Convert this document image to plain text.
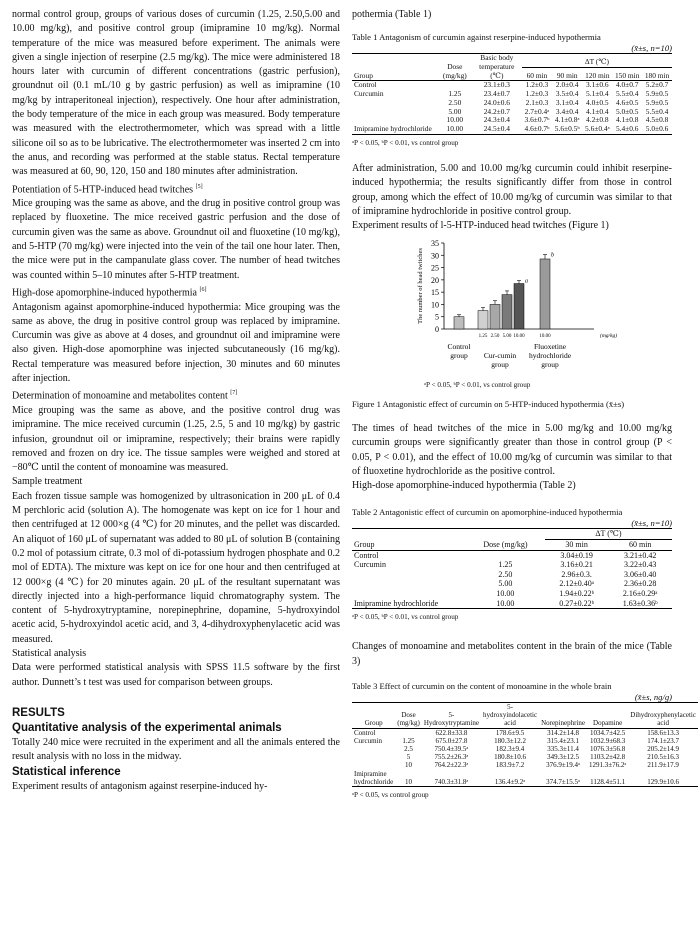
normal control group, groups of various doses of curcumin (1.25, 2.50,5.00 and 10.00 mg/kg), and positive control group (imipramine 10 mg/kg). Normal temperature of the mice was measured before experiment. The animals were given a single injection of reserpine (2.5 mg/kg). The mice were administered 18 hours later with curcumin of different concentrations (gastric perfusion), groundnut oil (0.1 mL/10 g by gastric perfusion) as well as imipramine (10 mg/kg by intraperitoneal injection), respectively. One hour after administration, the body temperature of the mice in each group was measured. Body temperature was measured with the electrothermometer, which was spread with a little silicone oil so as to be lubricative. The electrothermometer was inserted 2 cm into the anus, and recording was performed at the stable status. Rectal temperature was measured at 60, 90, 120, 150 and 180 minutes after administration.

Potentiation of 5-HTP-induced head twitches [5]

Mice grouping was the same as above, and the drug in positive control group was replaced by fluoxetine. The mice received gastric perfusion and the dose of curcumin given was the same as above. Groundnut oil and fluoxetine (10 mg/kg), and 5-HTP (70 mg/kg) were injected into the vein of the tail one hour later. Then, the mice were put in the campanulate glass cover. The number of head twitches was counted within 5–10 minutes after 5-HTP treatment.

High-dose apomorphine-induced hypothermia [6]

Antagonism against apomorphine-induced hypothermia: Mice grouping was the same as above, the drug in positive control group was replaced by imipramine. Curcumin was give as above at 4 doses, and groundnut oil and imipramine were also given. High-dose apomorphine was injected subcutaneously (16 mg/kg). Rectal temperature was measured before injection, 30 minutes and 60 minutes after injection.

Determination of monoamine and metabolites content [7]

Mice grouping was the same as above, and the positive control drug was imipramine. The mice received curcumin (1.25, 2.5, 5 and 10 mg/kg) by gastric infusion, groundnut oil or imipramine, respectively; their brains were rapidly removed and frozen on dry ice. The tissue samples were weighed and stored at −80℃ until the content of monoamine was measured.

Sample treatment

Each frozen tissue sample was homogenized by ultrasonication in 200 μL of 0.4 M perchloric acid (solution A). The homogenate was kept on ice for 1 hour and then centrifuged at 12 000×g (4 ℃) for 20 minutes, and the pellet was discarded. An aliquot of 160 μL of supernatant was added to 80 μL of solution B (containing 0.2 mol of potassium citrate, 0.3 mol of di-potassium hydrogen phosphate and 0.2 mol of EDTA). The mixture was kept on ice for one hour and then centrifuged at 12 000×g (4 ℃) for 20 minutes again. 20 μL of the resultant supernatant was directly injected into a high-performance liquid chromatography system. The content of 5-hydroxytryptamine, norepinephrine, dopamine, 5-hydroxyindol acetic acid, 5-hydroxyindol acetic acid, and 3, 4-dihydroxyphenylacetic acid was measured.

Statistical analysis

Data were performed statistical analysis with SPSS 11.5 software by the first author. Dunnett’s t test was used for comparison between groups.

RESULTS

Quantitative analysis of the experimental animals

Totally 240 mice were recruited in the experiment and all the animals entered the result analysis with no loss in the midway.

Statistical inference

Experiment results of antagonism against reserpine-induced hy-

pothermia (Table 1)

Table 1 Antagonism of curcumin against reserpine-induced hypothermia

(x̄±s, n=10)

Group	Dose (mg/kg)	Basic body temperature (℃)	ΔT (℃)				
			60 min	90 min	120 min	150 min	180 min
Control		23.1±0.3	1.2±0.3	2.0±0.4	3.1±0.6	4.0±0.7	5.2±0.7
Curcumin	1.25	23.4±0.7	1.2±0.3	3.5±0.4	5.1±0.4	5.5±0.4	5.9±0.5
	2.50	24.0±0.6	2.1±0.3	3.1±0.4	4.0±0.5	4.6±0.5	5.9±0.5
	5.00	24.2±0.7	2.7±0.4ᵃ	3.4±0.4	4.1±0.4	5.0±0.5	5.5±0.4
	10.00	24.3±0.4	3.6±0.7ᵇ	4.1±0.8ᵃ	4.2±0.8	4.1±0.8	4.5±0.8
Imipramine hydrochloride	10.00	24.5±0.4	4.6±0.7ᵇ	5.6±0.5ᵇ	5.6±0.4ᵃ	5.4±0.6	5.0±0.6

ᵃP < 0.05, ᵇP < 0.01, vs control group

After administration, 5.00 and 10.00 mg/kg curcumin could inhibit reserpine-induced hypothermia; the results significantly differ from those in control group, among which the effect of 10.00 mg/kg of curcumin was similar to that of imipramine hydrochloride in positive control group.

Experiment results of l-5-HTP-induced head twitches (Figure 1)

0
5
10
15
20
25
30
35
The number of head twitches
1.25 2.50 5.00
a
10.00
b
10.00	(mg/kg)
Control
group Cur-cumin
group
Fluoxetine
hydrochloride
group

ᵃP < 0.05, ᵇP < 0.01, vs control group

Figure 1 Antagonistic effect of curcumin on 5-HTP-induced hypothermia (x̄±s)

The times of head twitches of the mice in 5.00 mg/kg and 10.00 mg/kg curcumin groups were significantly greater than those in control group (P < 0.05, P < 0.01), and the effect of 10.00 mg/kg of curcumin was similar to that of fluoxetine hydrochloride as the positive control.

High-dose apomorphine-induced hypothermia (Table 2)

Table 2 Antagonistic effect of curcumin on apomorphine-induced hypothermia

(x̄±s, n=10)

Group	Dose (mg/kg)	ΔT (℃)	
		30 min	60 min
Control		3.04±0.19	3.21±0.42
Curcumin	1.25	3.16±0.21	3.22±0.43
	2.50	2.96±0.3.	3.06±0.40
	5.00	2.12±0.40ᵃ	2.36±0.28
	10.00	1.94±0.22ᵇ	2.16±0.29ᵃ
Imipramine hydrochloride	10.00	0.27±0.22ᵇ	1.63±0.36ᵇ

ᵃP < 0.05, ᵇP < 0.01, vs control group

Changes of monoamine and metabolites content in the brain of the mice (Table 3)

Table 3 Effect of curcumin on the content of monoamine in the whole brain

(x̄±s, ng/g)

Group	Dose (mg/kg)	5-Hydroxytryptamine	5-hydroxyindolacetic acid	Norepinephrine	Dopamine	Dihydroxyphenylacetic acid
Control		622.8±33.8	178.6±9.5	314.2±14.8	1034.7±42.5	158.6±13.3
Curcumin	1.25	675.0±27.8	180.3±12.2	315.4±23.1	1032.9±68.3	174.1±23.7
	2.5	750.4±39.5ᵃ	182.3±9.4	335.3±11.4	1076.3±56.8	205.2±14.9
	5	755.2±26.3ᵃ	180.8±10.6	349.3±12.5	1103.2±42.8	210.5±16.3
	10	764.2±22.3ᵃ	183.9±7.2	376.9±19.4ᵃ	1291.3±76.2ᵃ	211.9±17.9
Imipramine hydrochloride	10	740.3±31.8ᵃ	136.4±9.2ᵃ	374.7±15.5ᵃ	1128.4±51.1	129.9±10.6

ᵃP < 0.05, vs control group
